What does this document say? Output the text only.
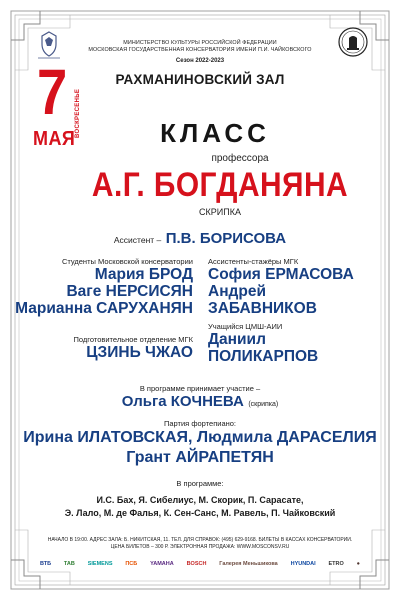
МИНИСТЕРСТВО КУЛЬТУРЫ РОССИЙСКОЙ ФЕДЕРАЦИИ
МОСКОВСКАЯ ГОСУДАРСТВЕННАЯ КОНСЕРВАТОРИЯ ИМЕНИ П.И. ЧАЙКОВСКОГО
Сезон 2022-2023
РАХМАНИНОВСКИЙ ЗАЛ
7
МАЯ
ВОСКРЕСЕНЬЕ	КЛАСС
профессора
А.Г. БОГДАНЯНА
СКРИПКА
Ассистент – П.В. БОРИСОВА
Студенты Московской консерватории
Мария БРОД
Ваге НЕРСИСЯН
Марианна САРУХАНЯН
Подготовительное отделение МГК
ЦЗИНЬ ЧЖАО
Ассистенты-стажёры МГК
София ЕРМАСОВА
Андрей
ЗАБАВНИКОВ
Учащийся ЦМШ-АИИ
Даниил
ПОЛИКАРПОВ
В программе принимает участие –
Ольга КОЧНЕВА (скрипка)
Партия фортепиано:
Ирина ИЛАТОВСКАЯ, Людмила ДАРАСЕЛИЯ
Грант АЙРАПЕТЯН
В программе:
И.С. Бах, Я. Сибелиус, М. Скорик, П. Сарасате,
Э. Лало, М. де Фалья, К. Сен-Санс, М. Равель, П. Чайковский
НАЧАЛО В 19:00. АДРЕС ЗАЛА: Б. НИКИТСКАЯ, 11. ТЕЛ. ДЛЯ СПРАВОК: (495) 629-9168. БИЛЕТЫ В КАССАХ КОНСЕРВАТОРИИ.
ЦЕНА БИЛЕТОВ – 300 Р. ЭЛЕКТРОННАЯ ПРОДАЖА: WWW.MOSCONSV.RU
ВТБ ТАВ SIEMENS ПСБ YAMAHA BOSCH Галерея Меньшикова HYUNDAI ETRO ●
